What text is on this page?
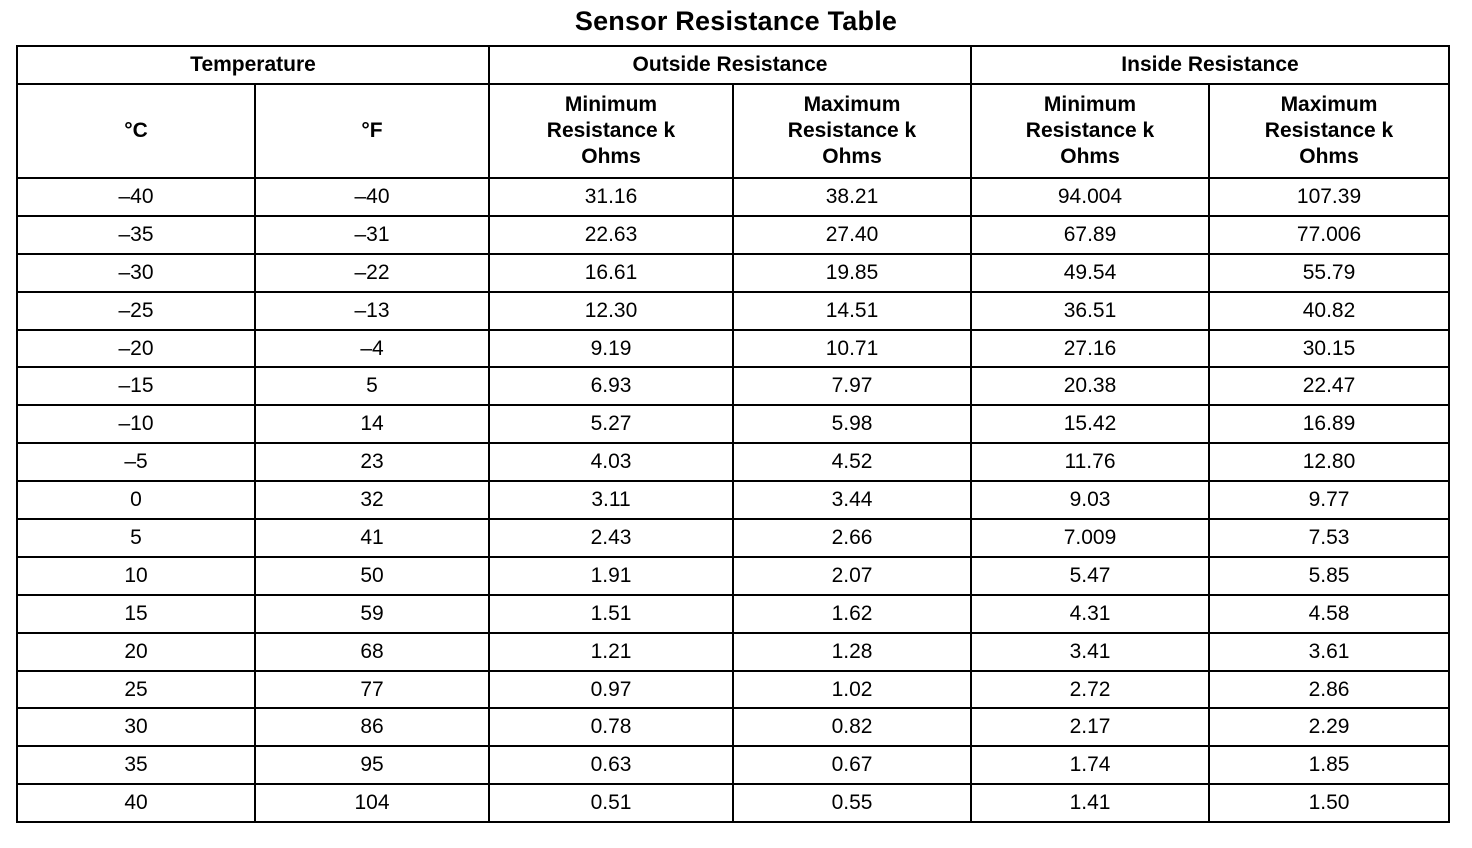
Sensor Resistance Table
Temperature		Outside Resistance		Inside Resistance	
°C	°F	Minimum Resistance k Ohms	Maximum Resistance k Ohms	Minimum Resistance k Ohms	Maximum Resistance k Ohms
–40	–40	31.16	38.21	94.004	107.39
–35	–31	22.63	27.40	67.89	77.006
–30	–22	16.61	19.85	49.54	55.79
–25	–13	12.30	14.51	36.51	40.82
–20	–4	9.19	10.71	27.16	30.15
–15	5	6.93	7.97	20.38	22.47
–10	14	5.27	5.98	15.42	16.89
–5	23	4.03	4.52	11.76	12.80
0	32	3.11	3.44	9.03	9.77
5	41	2.43	2.66	7.009	7.53
10	50	1.91	2.07	5.47	5.85
15	59	1.51	1.62	4.31	4.58
20	68	1.21	1.28	3.41	3.61
25	77	0.97	1.02	2.72	2.86
30	86	0.78	0.82	2.17	2.29
35	95	0.63	0.67	1.74	1.85
40	104	0.51	0.55	1.41	1.50
